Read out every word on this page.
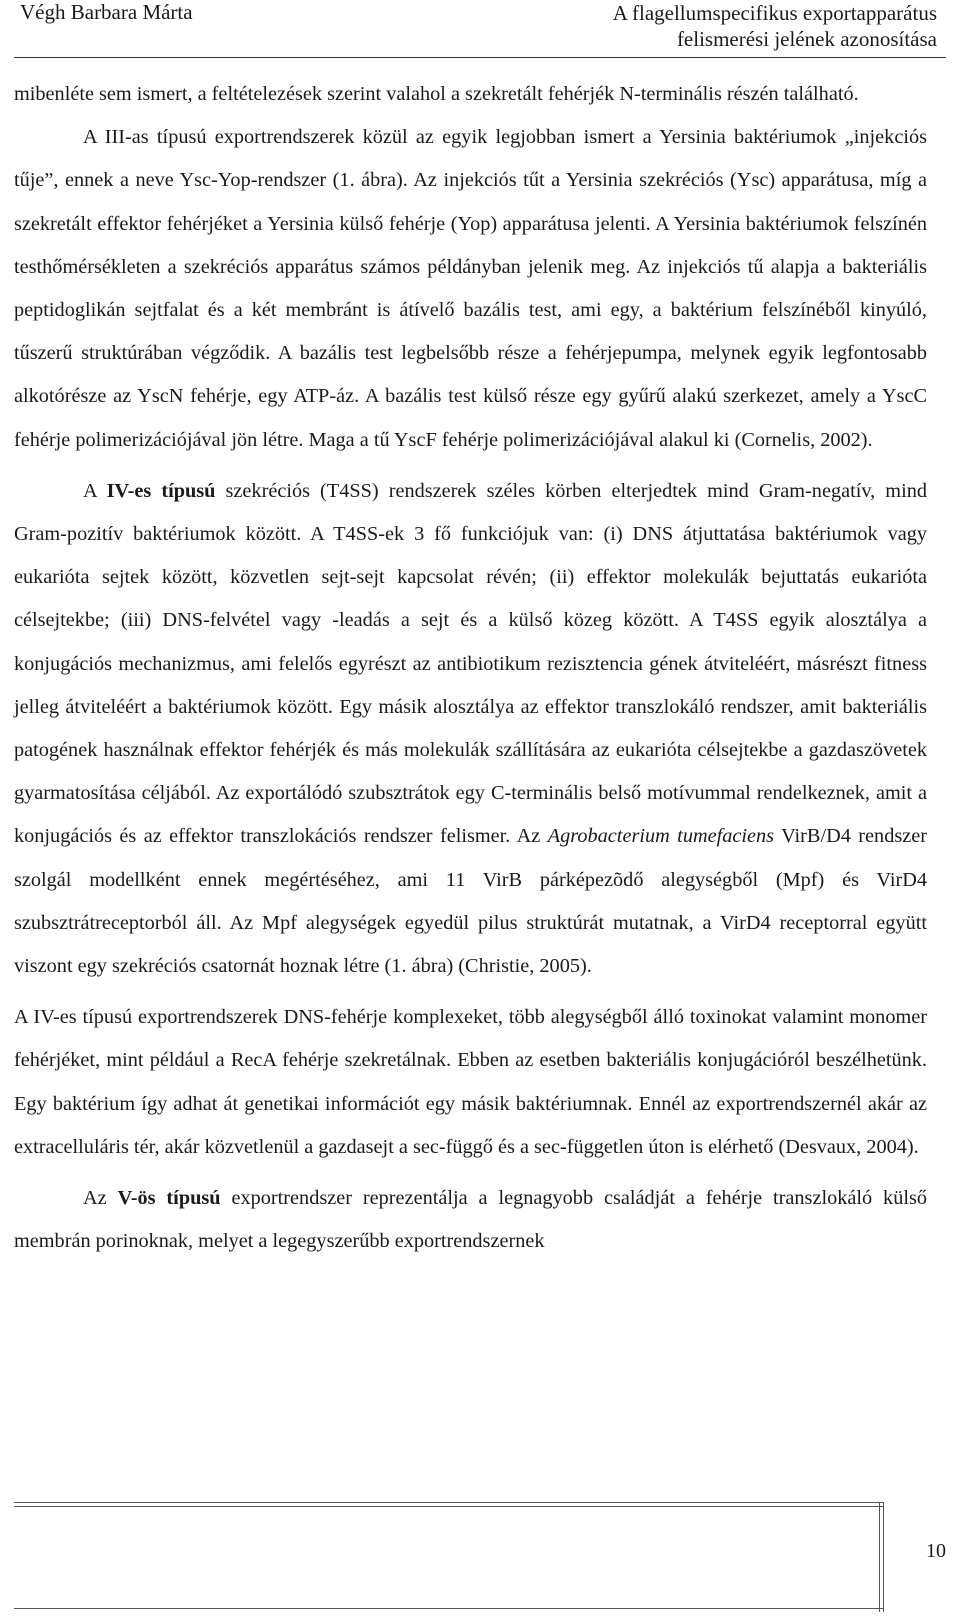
Végh Barbara Márta	A flagellumspecifikus exportapparátus
felismerési jelének azonosítása

mibenléte sem ismert, a feltételezések szerint valahol a szekretált fehérjék N-terminális részén található.

A III-as típusú exportrendszerek közül az egyik legjobban ismert a Yersinia baktériumok „injekciós tűje”, ennek a neve Ysc-Yop-rendszer (1. ábra). Az injekciós tűt a Yersinia szekréciós (Ysc) apparátusa, míg a szekretált effektor fehérjéket a Yersinia külső fehérje (Yop) apparátusa jelenti. A Yersinia baktériumok felszínén testhőmérsékleten a szekréciós apparátus számos példányban jelenik meg. Az injekciós tű alapja a bakteriális peptidoglikán sejtfalat és a két membránt is átívelő bazális test, ami egy, a baktérium felszínéből kinyúló, tűszerű struktúrában végződik. A bazális test legbelsőbb része a fehérjepumpa, melynek egyik legfontosabb alkotórésze az YscN fehérje, egy ATP-áz. A bazális test külső része egy gyűrű alakú szerkezet, amely a YscC fehérje polimerizációjával jön létre. Maga a tű YscF fehérje polimerizációjával alakul ki (Cornelis, 2002).

A IV-es típusú szekréciós (T4SS) rendszerek széles körben elterjedtek mind Gram-negatív, mind Gram-pozitív baktériumok között. A T4SS-ek 3 fő funkciójuk van: (i) DNS átjuttatása baktériumok vagy eukarióta sejtek között, közvetlen sejt-sejt kapcsolat révén; (ii) effektor molekulák bejuttatás eukarióta célsejtekbe; (iii) DNS-felvétel vagy -leadás a sejt és a külső közeg között. A T4SS egyik alosztálya a konjugációs mechanizmus, ami felelős egyrészt az antibiotikum rezisztencia gének átviteléért, másrészt fitness jelleg átviteléért a baktériumok között. Egy másik alosztálya az effektor transzlokáló rendszer, amit bakteriális patogének használnak effektor fehérjék és más molekulák szállítására az eukarióta célsejtekbe a gazdaszövetek gyarmatosítása céljából. Az exportálódó szubsztrátok egy C-terminális belső motívummal rendelkeznek, amit a konjugációs és az effektor transzlokációs rendszer felismer. Az Agrobacterium tumefaciens VirB/D4 rendszer szolgál modellként ennek megértéséhez, ami 11 VirB párképezõdő alegységből (Mpf) és VirD4 szubsztrátreceptorból áll. Az Mpf alegységek egyedül pilus struktúrát mutatnak, a VirD4 receptorral együtt viszont egy szekréciós csatornát hoznak létre (1. ábra) (Christie, 2005).

A IV-es típusú exportrendszerek DNS-fehérje komplexeket, több alegységből álló toxinokat valamint monomer fehérjéket, mint például a RecA fehérje szekretálnak. Ebben az esetben bakteriális konjugációról beszélhetünk. Egy baktérium így adhat át genetikai információt egy másik baktériumnak. Ennél az exportrendszernél akár az extracelluláris tér, akár közvetlenül a gazdasejt a sec-függő és a sec-független úton is elérhető (Desvaux, 2004).

Az V-ös típusú exportrendszer reprezentálja a legnagyobb családját a fehérje transzlokáló külső membrán porinoknak, melyet a legegyszerűbb exportrendszernek

10
